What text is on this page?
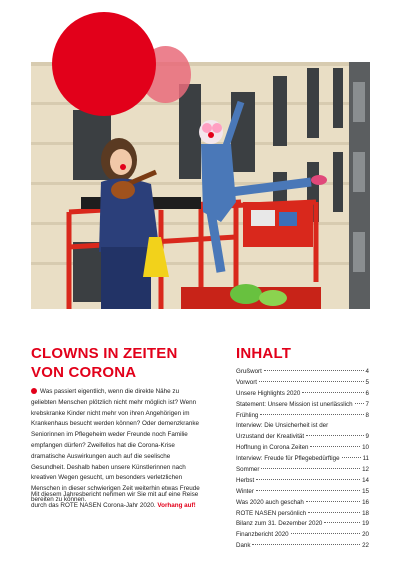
CLOWNS IN ZEITEN
VON CORONA

Was passiert eigentlich, wenn die direkte Nähe zu geliebten Menschen plötzlich nicht mehr möglich ist? Wenn krebskranke Kinder nicht mehr von ihren Angehörigen im Krankenhaus besucht werden können? Oder demenzkranke Seniorinnen im Pflegeheim weder Freunde noch Familie empfangen dürfen? Zweifellos hat die Corona-Krise dramatische Auswirkungen auch auf die seelische Gesundheit. Deshalb haben unsere Künstlerinnen nach kreativen Wegen gesucht, um besonders verletzlichen Menschen in dieser schwierigen Zeit weiterhin etwas Freude bereiten zu können.

Mit diesem Jahresbericht nehmen wir Sie mit auf eine Reise durch das ROTE NASEN Corona-Jahr 2020. Vorhang auf!

INHALT
Grußwort	4
Vorwort	5
Unsere Highlights 2020	6
Statement: Unsere Mission ist unerlässlich 7
Frühling	8
Interview: Die Unsicherheit ist der
Urzustand der Kreativität	9
Hoffnung in Corona Zeiten	10
Interview: Freude für Pflegebedürftige	11
Sommer	12
Herbst	14
Winter	15
Was 2020 auch geschah	16
ROTE NASEN persönlich	18
Bilanz zum 31. Dezember 2020	19
Finanzbericht 2020	20
Dank	22
